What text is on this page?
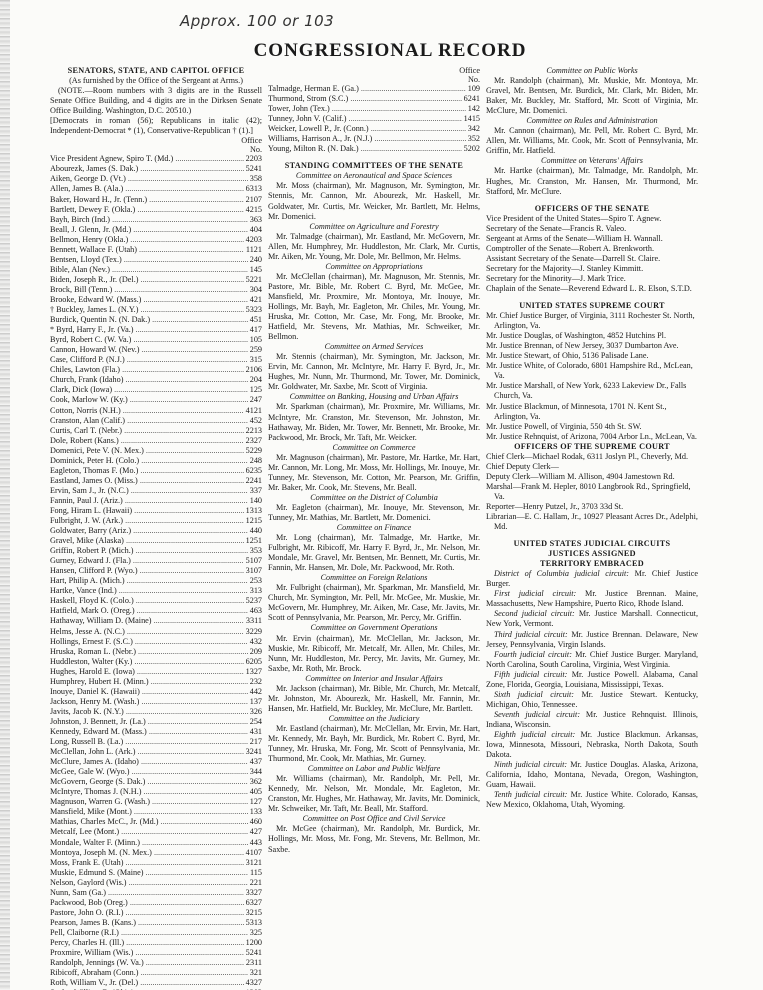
Approx. 100 or 103
CONGRESSIONAL RECORD
SENATORS, STATE, AND CAPITOL OFFICE
(As furnished by the Office of the Sergeant at Arms.)
(NOTE.—Room numbers with 3 digits are in the Russell Senate Office Building, and 4 digits are in the Dirksen Senate Office Building. Washington, D.C. 20510.)
[Democrats in roman (56); Republicans in italic (42); Independent-Democrat * (1), Conservative-Republican † (1).]
Office
No.
Vice President Agnew, Spiro T. (Md.) .....	2203
Abourezk, James (S. Dak.) .....	5241
Aiken, George D. (Vt.) .....	358
Allen, James B. (Ala.) .....	6313
Baker, Howard H., Jr. (Tenn.) .....	2107
Bartlett, Dewey F. (Okla.) .....	4215
Bayh, Birch (Ind.) .....	363
Beall, J. Glenn, Jr. (Md.) .....	404
Bellmon, Henry (Okla.) .....	4203
Bennett, Wallace F. (Utah) .....	1121
Bentsen, Lloyd (Tex.) .....	240
Bible, Alan (Nev.) .....	145
Biden, Joseph R., Jr. (Del.) .....	5221
Brock, Bill (Tenn.) .....	304
Brooke, Edward W. (Mass.) .....	421
† Buckley, James L. (N.Y.) .....	5323
Burdick, Quentin N. (N. Dak.) .....	451
* Byrd, Harry F., Jr. (Va.) .....	417
Byrd, Robert C. (W. Va.) .....	105
Cannon, Howard W. (Nev.) .....	259
Case, Clifford P. (N.J.) .....	315
Chiles, Lawton (Fla.) .....	2106
Church, Frank (Idaho) .....	204
Clark, Dick (Iowa) .....	125
Cook, Marlow W. (Ky.) .....	247
Cotton, Norris (N.H.) .....	4121
Cranston, Alan (Calif.) .....	452
Curtis, Carl T. (Nebr.) .....	2213
Dole, Robert (Kans.) .....	2327
Domenici, Pete V. (N. Mex.) .....	5229
Dominick, Peter H. (Colo.) .....	248
Eagleton, Thomas F. (Mo.) .....	6235
Eastland, James O. (Miss.) .....	2241
Ervin, Sam J., Jr. (N.C.) .....	337
Fannin, Paul J. (Ariz.) .....	140
Fong, Hiram L. (Hawaii) .....	1313
Fulbright, J. W. (Ark.) .....	1215
Goldwater, Barry (Ariz.) .....	440
Gravel, Mike (Alaska) .....	1251
Griffin, Robert P. (Mich.) .....	353
Gurney, Edward J. (Fla.) .....	5107
Hansen, Clifford P. (Wyo.) .....	3107
Hart, Philip A. (Mich.) .....	253
Hartke, Vance (Ind.) .....	313
Haskell, Floyd K. (Colo.) .....	5237
Hatfield, Mark O. (Oreg.) .....	463
Hathaway, William D. (Maine) .....	3311
Helms, Jesse A. (N.C.) .....	3229
Hollings, Ernest F. (S.C.) .....	432
Hruska, Roman L. (Nebr.) .....	209
Huddleston, Walter (Ky.) .....	6205
Hughes, Harold E. (Iowa) .....	1327
Humphrey, Hubert H. (Minn.) .....	232
Inouye, Daniel K. (Hawaii) .....	442
Jackson, Henry M. (Wash.) .....	137
Javits, Jacob K. (N.Y.) .....	326
Johnston, J. Bennett, Jr. (La.) .....	254
Kennedy, Edward M. (Mass.) .....	431
Long, Russell B. (La.) .....	217
McClellan, John L. (Ark.) .....	3241
McClure, James A. (Idaho) .....	437
McGee, Gale W. (Wyo.) .....	344
McGovern, George (S. Dak.) .....	362
McIntyre, Thomas J. (N.H.) .....	405
Magnuson, Warren G. (Wash.) .....	127
Mansfield, Mike (Mont.) .....	133
Mathias, Charles McC., Jr. (Md.) .....	460
Metcalf, Lee (Mont.) .....	427
Mondale, Walter F. (Minn.) .....	443
Montoya, Joseph M. (N. Mex.) .....	4107
Moss, Frank E. (Utah) .....	3121
Muskie, Edmund S. (Maine) .....	115
Nelson, Gaylord (Wis.) .....	221
Nunn, Sam (Ga.) .....	3327
Packwood, Bob (Oreg.) .....	6327
Pastore, John O. (R.I.) .....	3215
Pearson, James B. (Kans.) .....	5313
Pell, Claiborne (R.I.) .....	325
Percy, Charles H. (Ill.) .....	1200
Proxmire, William (Wis.) .....	5241
Randolph, Jennings (W. Va.) .....	2311
Ribicoff, Abraham (Conn.) .....	321
Roth, William V., Jr. (Del.) .....	4327
.....
Office
No.
Talmadge, Herman E. (Ga.) .....	109
Thurmond, Strom (S.C.) .....	6241
Tower, John (Tex.) .....	142
Tunney, John V. (Calif.) .....	1415
Weicker, Lowell P., Jr. (Conn.) .....	342
Williams, Harrison A., Jr. (N.J.) .....	352
Young, Milton R. (N. Dak.) .....	5202
STANDING COMMITTEES OF THE SENATE
Committee on Aeronautical and Space Sciences
Mr. Moss (chairman), Mr. Magnuson, Mr. Symington, Mr. Stennis, Mr. Cannon, Mr. Abourezk, Mr. Haskell, Mr. Goldwater, Mr. Curtis, Mr. Weicker, Mr. Bartlett, Mr. Helms, Mr. Domenici.
Committee on Agriculture and Forestry
Mr. Talmadge (chairman), Mr. Eastland, Mr. McGovern, Mr. Allen, Mr. Humphrey, Mr. Huddleston, Mr. Clark, Mr. Curtis, Mr. Aiken, Mr. Young, Mr. Dole, Mr. Bellmon, Mr. Helms.
Committee on Appropriations
Mr. McClellan (chairman), Mr. Magnuson, Mr. Stennis, Mr. Pastore, Mr. Bible, Mr. Robert C. Byrd, Mr. McGee, Mr. Mansfield, Mr. Proxmire, Mr. Montoya, Mr. Inouye, Mr. Hollings, Mr. Bayh, Mr. Eagleton, Mr. Chiles, Mr. Young, Mr. Hruska, Mr. Cotton, Mr. Case, Mr. Fong, Mr. Brooke, Mr. Hatfield, Mr. Stevens, Mr. Mathias, Mr. Schweiker, Mr. Bellmon.
Committee on Armed Services
Mr. Stennis (chairman), Mr. Symington, Mr. Jackson, Mr. Ervin, Mr. Cannon, Mr. McIntyre, Mr. Harry F. Byrd, Jr., Mr. Hughes, Mr. Nunn, Mr. Thurmond, Mr. Tower, Mr. Dominick, Mr. Goldwater, Mr. Saxbe, Mr. Scott of Virginia.
Committee on Banking, Housing and Urban Affairs
Mr. Sparkman (chairman), Mr. Proxmire, Mr. Williams, Mr. McIntyre, Mr. Cranston, Mr. Stevenson, Mr. Johnston, Mr. Hathaway, Mr. Biden, Mr. Tower, Mr. Bennett, Mr. Brooke, Mr. Packwood, Mr. Brock, Mr. Taft, Mr. Weicker.
Committee on Commerce
Mr. Magnuson (chairman), Mr. Pastore, Mr. Hartke, Mr. Hart, Mr. Cannon, Mr. Long, Mr. Moss, Mr. Hollings, Mr. Inouye, Mr. Tunney, Mr. Stevenson, Mr. Cotton, Mr. Pearson, Mr. Griffin, Mr. Baker, Mr. Cook, Mr. Stevens, Mr. Beall.
Committee on the District of Columbia
Mr. Eagleton (chairman), Mr. Inouye, Mr. Stevenson, Mr. Tunney, Mr. Mathias, Mr. Bartlett, Mr. Domenici.
Committee on Finance
Mr. Long (chairman), Mr. Talmadge, Mr. Hartke, Mr. Fulbright, Mr. Ribicoff, Mr. Harry F. Byrd, Jr., Mr. Nelson, Mr. Mondale, Mr. Gravel, Mr. Bentsen, Mr. Bennett, Mr. Curtis, Mr. Fannin, Mr. Hansen, Mr. Dole, Mr. Packwood, Mr. Roth.
Committee on Foreign Relations
Mr. Fulbright (chairman), Mr. Sparkman, Mr. Mansfield, Mr. Church, Mr. Symington, Mr. Pell, Mr. McGee, Mr. Muskie, Mr. McGovern, Mr. Humphrey, Mr. Aiken, Mr. Case, Mr. Javits, Mr. Scott of Pennsylvania, Mr. Pearson, Mr. Percy, Mr. Griffin.
Committee on Government Operations
Mr. Ervin (chairman), Mr. McClellan, Mr. Jackson, Mr. Muskie, Mr. Ribicoff, Mr. Metcalf, Mr. Allen, Mr. Chiles, Mr. Nunn, Mr. Huddleston, Mr. Percy, Mr. Javits, Mr. Gurney, Mr. Saxbe, Mr. Roth, Mr. Brock.
Committee on Interior and Insular Affairs
Mr. Jackson (chairman), Mr. Bible, Mr. Church, Mr. Metcalf, Mr. Johnston, Mr. Abourezk, Mr. Haskell, Mr. Fannin, Mr. Hansen, Mr. Hatfield, Mr. Buckley, Mr. McClure, Mr. Bartlett.
Committee on the Judiciary
Mr. Eastland (chairman), Mr. McClellan, Mr. Ervin, Mr. Hart, Mr. Kennedy, Mr. Bayh, Mr. Burdick, Mr. Robert C. Byrd, Mr. Tunney, Mr. Hruska, Mr. Fong, Mr. Scott of Pennsylvania, Mr. Thurmond, Mr. Cook, Mr. Mathias, Mr. Gurney.
Committee on Labor and Public Welfare
Mr. Williams (chairman), Mr. Randolph, Mr. Pell, Mr. Kennedy, Mr. Nelson, Mr. Mondale, Mr. Eagleton, Mr. Cranston, Mr. Hughes, Mr. Hathaway, Mr. Javits, Mr. Dominick, Mr. Schweiker, Mr. Taft, Mr. Beall, Mr. Stafford.
Committee on Post Office and Civil Service
Mr. McGee (chairman), Mr. Randolph, Mr. Burdick, Mr. Hollings, Mr. Moss, Mr. Fong, Mr. Stevens, Mr. Bellmon, Mr. Saxbe.
Committee on Public Works
Mr. Randolph (chairman), Mr. Muskie, Mr. Montoya, Mr. Gravel, Mr. Bentsen, Mr. Burdick, Mr. Clark, Mr. Biden, Mr. Baker, Mr. Buckley, Mr. Stafford, Mr. Scott of Virginia, Mr. McClure, Mr. Domenici.
Committee on Rules and Administration
Mr. Cannon (chairman), Mr. Pell, Mr. Robert C. Byrd, Mr. Allen, Mr. Williams, Mr. Cook, Mr. Scott of Pennsylvania, Mr. Griffin, Mr. Hatfield.
Committee on Veterans' Affairs
Mr. Hartke (chairman), Mr. Talmadge, Mr. Randolph, Mr. Hughes, Mr. Cranston, Mr. Hansen, Mr. Thurmond, Mr. Stafford, Mr. McClure.
OFFICERS OF THE SENATE
Vice President of the United States—Spiro T. Agnew.
Secretary of the Senate—Francis R. Valeo.
Sergeant at Arms of the Senate—William H. Wannall.
Comptroller of the Senate—Robert A. Brenkworth.
Assistant Secretary of the Senate—Darrell St. Claire.
Secretary for the Majority—J. Stanley Kimmitt.
Secretary for the Minority—J. Mark Trice.
Chaplain of the Senate—Reverend Edward L. R. Elson, S.T.D.
UNITED STATES SUPREME COURT
Mr. Chief Justice Burger, of Virginia, 3111 Rochester St. North, Arlington, Va.
Mr. Justice Douglas, of Washington, 4852 Hutchins Pl.
Mr. Justice Brennan, of New Jersey, 3037 Dumbarton Ave.
Mr. Justice Stewart, of Ohio, 5136 Palisade Lane.
Mr. Justice White, of Colorado, 6801 Hampshire Rd., McLean, Va.
Mr. Justice Marshall, of New York, 6233 Lakeview Dr., Falls Church, Va.
Mr. Justice Blackmun, of Minnesota, 1701 N. Kent St., Arlington, Va.
Mr. Justice Powell, of Virginia, 550 4th St. SW.
Mr. Justice Rehnquist, of Arizona, 7004 Arbor Ln., McLean, Va.
OFFICERS OF THE SUPREME COURT
Chief Clerk—Michael Rodak, 6311 Joslyn Pl., Cheverly, Md.
Chief Deputy Clerk—
Deputy Clerk—William M. Allison, 4904 Jamestown Rd.
Marshal—Frank M. Hepler, 8010 Langbrook Rd., Springfield, Va.
Reporter—Henry Putzel, Jr., 3703 33d St.
Librarian—E. C. Hallam, Jr., 10927 Pleasant Acres Dr., Adelphi, Md.
UNITED STATES JUDICIAL CIRCUITS
JUSTICES ASSIGNED
TERRITORY EMBRACED
District of Columbia judicial circuit: Mr. Chief Justice Burger.
First judicial circuit: Mr. Justice Brennan. Maine, Massachusetts, New Hampshire, Puerto Rico, Rhode Island.
Second judicial circuit: Mr. Justice Marshall. Connecticut, New York, Vermont.
Third judicial circuit: Mr. Justice Brennan. Delaware, New Jersey, Pennsylvania, Virgin Islands.
Fourth judicial circuit: Mr. Chief Justice Burger. Maryland, North Carolina, South Carolina, Virginia, West Virginia.
Fifth judicial circuit: Mr. Justice Powell. Alabama, Canal Zone, Florida, Georgia, Louisiana, Mississippi, Texas.
Sixth judicial circuit: Mr. Justice Stewart. Kentucky, Michigan, Ohio, Tennessee.
Seventh judicial circuit: Mr. Justice Rehnquist. Illinois, Indiana, Wisconsin.
Eighth judicial circuit: Mr. Justice Blackmun. Arkansas, Iowa, Minnesota, Missouri, Nebraska, North Dakota, South Dakota.
Ninth judicial circuit: Mr. Justice Douglas. Alaska, Arizona, California, Idaho, Montana, Nevada, Oregon, Washington, Guam, Hawaii.
Tenth judicial circuit: Mr. Justice White. Colorado, Kansas, New Mexico, Oklahoma, Utah, Wyoming.
